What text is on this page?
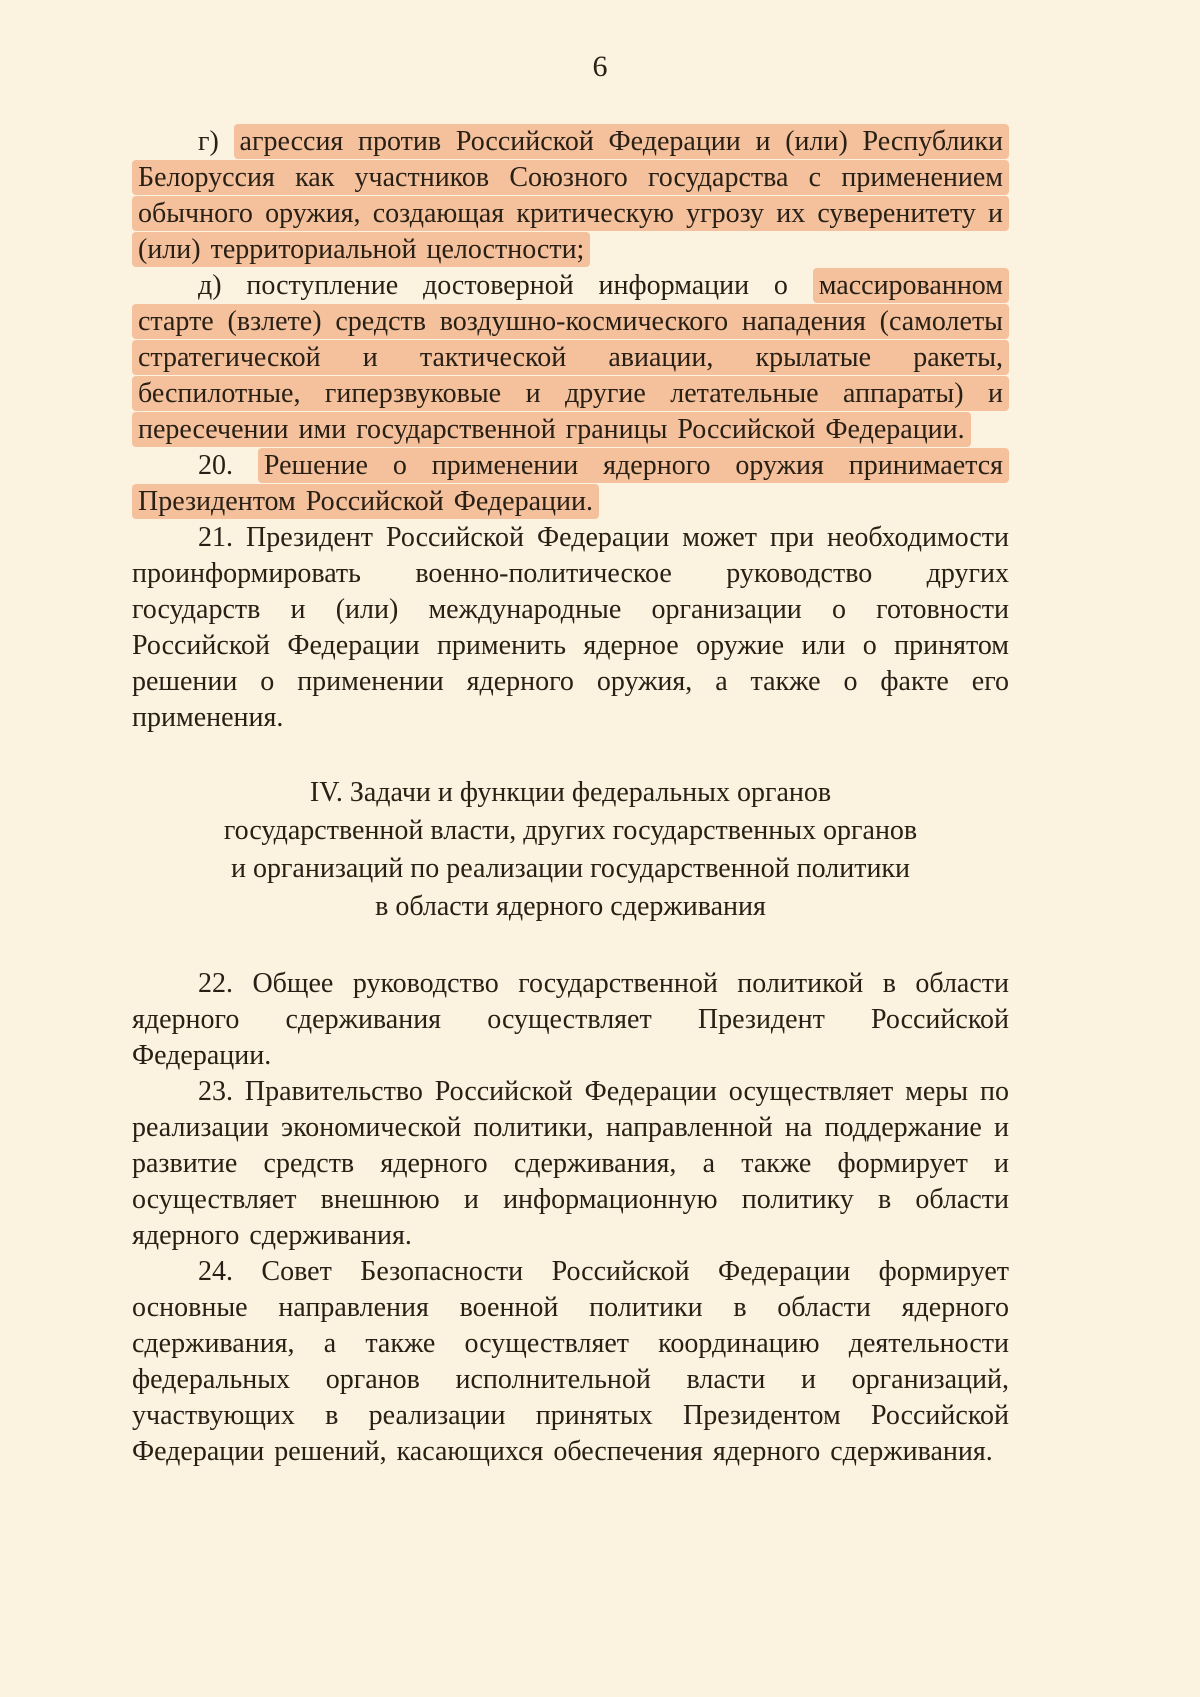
6

г) агрессия против Российской Федерации и (или) Республики Белоруссия как участников Союзного государства с применением обычного оружия, создающая критическую угрозу их суверенитету и (или) территориальной целостности;

д) поступление достоверной информации о массированном старте (взлете) средств воздушно-космического нападения (самолеты стратегической и тактической авиации, крылатые ракеты, беспилотные, гиперзвуковые и другие летательные аппараты) и пересечении ими государственной границы Российской Федерации.

20. Решение о применении ядерного оружия принимается Президентом Российской Федерации.

21. Президент Российской Федерации может при необходимости проинформировать военно-политическое руководство других государств и (или) международные организации о готовности Российской Федерации применить ядерное оружие или о принятом решении о применении ядерного оружия, а также о факте его применения.

IV. Задачи и функции федеральных органов
государственной власти, других государственных органов
и организаций по реализации государственной политики
в области ядерного сдерживания

22. Общее руководство государственной политикой в области ядерного сдерживания осуществляет Президент Российской Федерации.

23. Правительство Российской Федерации осуществляет меры по реализации экономической политики, направленной на поддержание и развитие средств ядерного сдерживания, а также формирует и осуществляет внешнюю и информационную политику в области ядерного сдерживания.

24. Совет Безопасности Российской Федерации формирует основные направления военной политики в области ядерного сдерживания, а также осуществляет координацию деятельности федеральных органов исполнительной власти и организаций, участвующих в реализации принятых Президентом Российской Федерации решений, касающихся обеспечения ядерного сдерживания.
